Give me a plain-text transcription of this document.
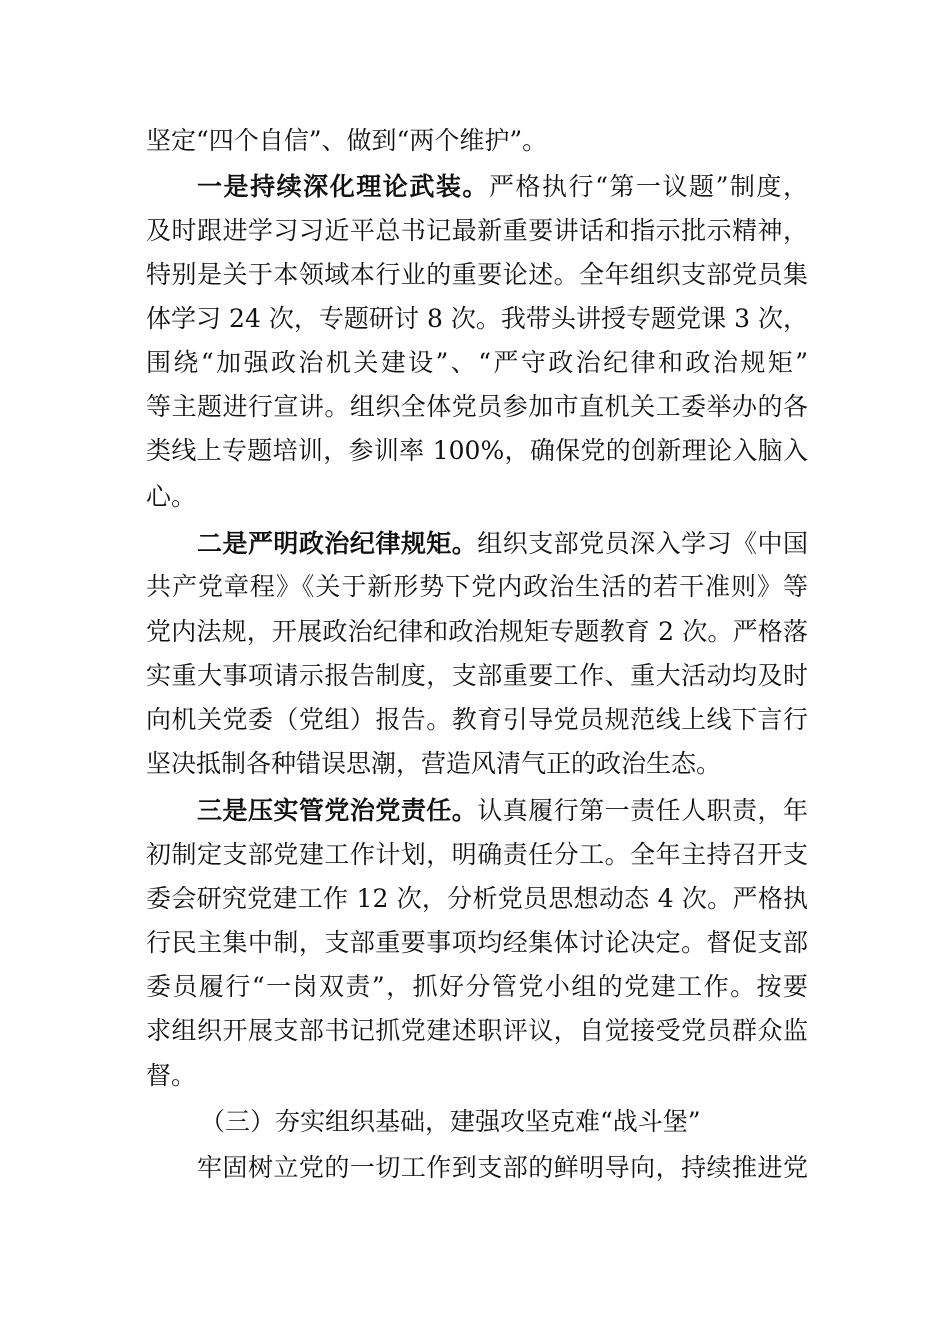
坚定“四个自信”、做到“两个维护”。
一是持续深化理论武装。严格执行“第一议题”制度，
及时跟进学习习近平总书记最新重要讲话和指示批示精神，
特别是关于本领域本行业的重要论述。全年组织支部党员集
体学习 24 次，专题研讨 8 次。我带头讲授专题党课 3 次，
围绕“加强政治机关建设”、“严守政治纪律和政治规矩”
等主题进行宣讲。组织全体党员参加市直机关工委举办的各
类线上专题培训，参训率 100%，确保党的创新理论入脑入
心。
二是严明政治纪律规矩。组织支部党员深入学习《中国
共产党章程》《关于新形势下党内政治生活的若干准则》等
党内法规，开展政治纪律和政治规矩专题教育 2 次。严格落
实重大事项请示报告制度，支部重要工作、重大活动均及时
向机关党委（党组）报告。教育引导党员规范线上线下言行
坚决抵制各种错误思潮，营造风清气正的政治生态。
三是压实管党治党责任。认真履行第一责任人职责，年
初制定支部党建工作计划，明确责任分工。全年主持召开支
委会研究党建工作 12 次，分析党员思想动态 4 次。严格执
行民主集中制，支部重要事项均经集体讨论决定。督促支部
委员履行“一岗双责”，抓好分管党小组的党建工作。按要
求组织开展支部书记抓党建述职评议，自觉接受党员群众监
督。
（三）夯实组织基础，建强攻坚克难“战斗堡”
牢固树立党的一切工作到支部的鲜明导向，持续推进党
